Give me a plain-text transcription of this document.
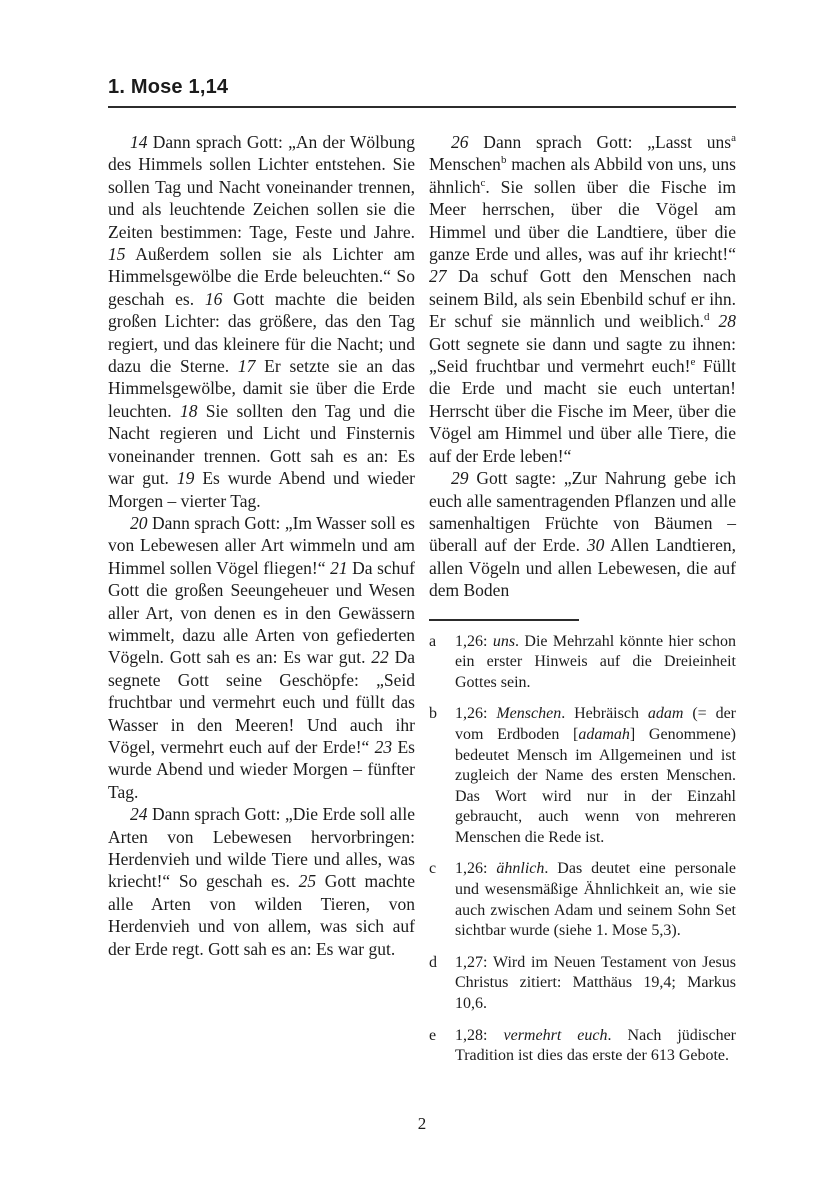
1. Mose 1,14

14 Dann sprach Gott: „An der Wölbung des Himmels sollen Lichter entstehen. Sie sollen Tag und Nacht voneinander trennen, und als leuchtende Zeichen sollen sie die Zeiten bestimmen: Tage, Feste und Jahre. 15 Außerdem sollen sie als Lichter am Himmelsgewölbe die Erde beleuchten.“ So geschah es. 16 Gott machte die beiden großen Lichter: das größere, das den Tag regiert, und das kleinere für die Nacht; und dazu die Sterne. 17 Er setzte sie an das Himmelsgewölbe, damit sie über die Erde leuchten. 18 Sie sollten den Tag und die Nacht regieren und Licht und Finsternis voneinander trennen. Gott sah es an: Es war gut. 19 Es wurde Abend und wieder Morgen – vierter Tag.

20 Dann sprach Gott: „Im Wasser soll es von Lebewesen aller Art wimmeln und am Himmel sollen Vögel fliegen!“ 21 Da schuf Gott die großen Seeungeheuer und Wesen aller Art, von denen es in den Gewässern wimmelt, dazu alle Arten von gefiederten Vögeln. Gott sah es an: Es war gut. 22 Da segnete Gott seine Geschöpfe: „Seid fruchtbar und vermehrt euch und füllt das Wasser in den Meeren! Und auch ihr Vögel, vermehrt euch auf der Erde!“ 23 Es wurde Abend und wieder Morgen – fünfter Tag.

24 Dann sprach Gott: „Die Erde soll alle Arten von Lebewesen hervorbringen: Herdenvieh und wilde Tiere und alles, was kriecht!“ So geschah es. 25 Gott machte alle Arten von wilden Tieren, von Herdenvieh und von allem, was sich auf der Erde regt. Gott sah es an: Es war gut.

26 Dann sprach Gott: „Lasst uns$^a$ Menschen$^b$ machen als Abbild von uns, uns ähnlich$^c$. Sie sollen über die Fische im Meer herrschen, über die Vögel am Himmel und über die Landtiere, über die ganze Erde und alles, was auf ihr kriecht!“ 27 Da schuf Gott den Menschen nach seinem Bild, als sein Ebenbild schuf er ihn. Er schuf sie männlich und weiblich.$^d$ 28 Gott segnete sie dann und sagte zu ihnen: „Seid fruchtbar und vermehrt euch!$^e$ Füllt die Erde und macht sie euch untertan! Herrscht über die Fische im Meer, über die Vögel am Himmel und über alle Tiere, die auf der Erde leben!“

29 Gott sagte: „Zur Nahrung gebe ich euch alle samentragenden Pflanzen und alle samenhaltigen Früchte von Bäumen – überall auf der Erde. 30 Allen Landtieren, allen Vögeln und allen Lebewesen, die auf dem Boden

a 1,26: uns. Die Mehrzahl könnte hier schon ein erster Hinweis auf die Dreieinheit Gottes sein.
b 1,26: Menschen. Hebräisch adam (= der vom Erdboden [adamah] Genommene) bedeutet Mensch im Allgemeinen und ist zugleich der Name des ersten Menschen. Das Wort wird nur in der Einzahl gebraucht, auch wenn von mehreren Menschen die Rede ist.
c 1,26: ähnlich. Das deutet eine personale und wesensmäßige Ähnlichkeit an, wie sie auch zwischen Adam und seinem Sohn Set sichtbar wurde (siehe 1. Mose 5,3).
d 1,27: Wird im Neuen Testament von Jesus Christus zitiert: Matthäus 19,4; Markus 10,6.
e 1,28: vermehrt euch. Nach jüdischer Tradition ist dies das erste der 613 Gebote.
2
